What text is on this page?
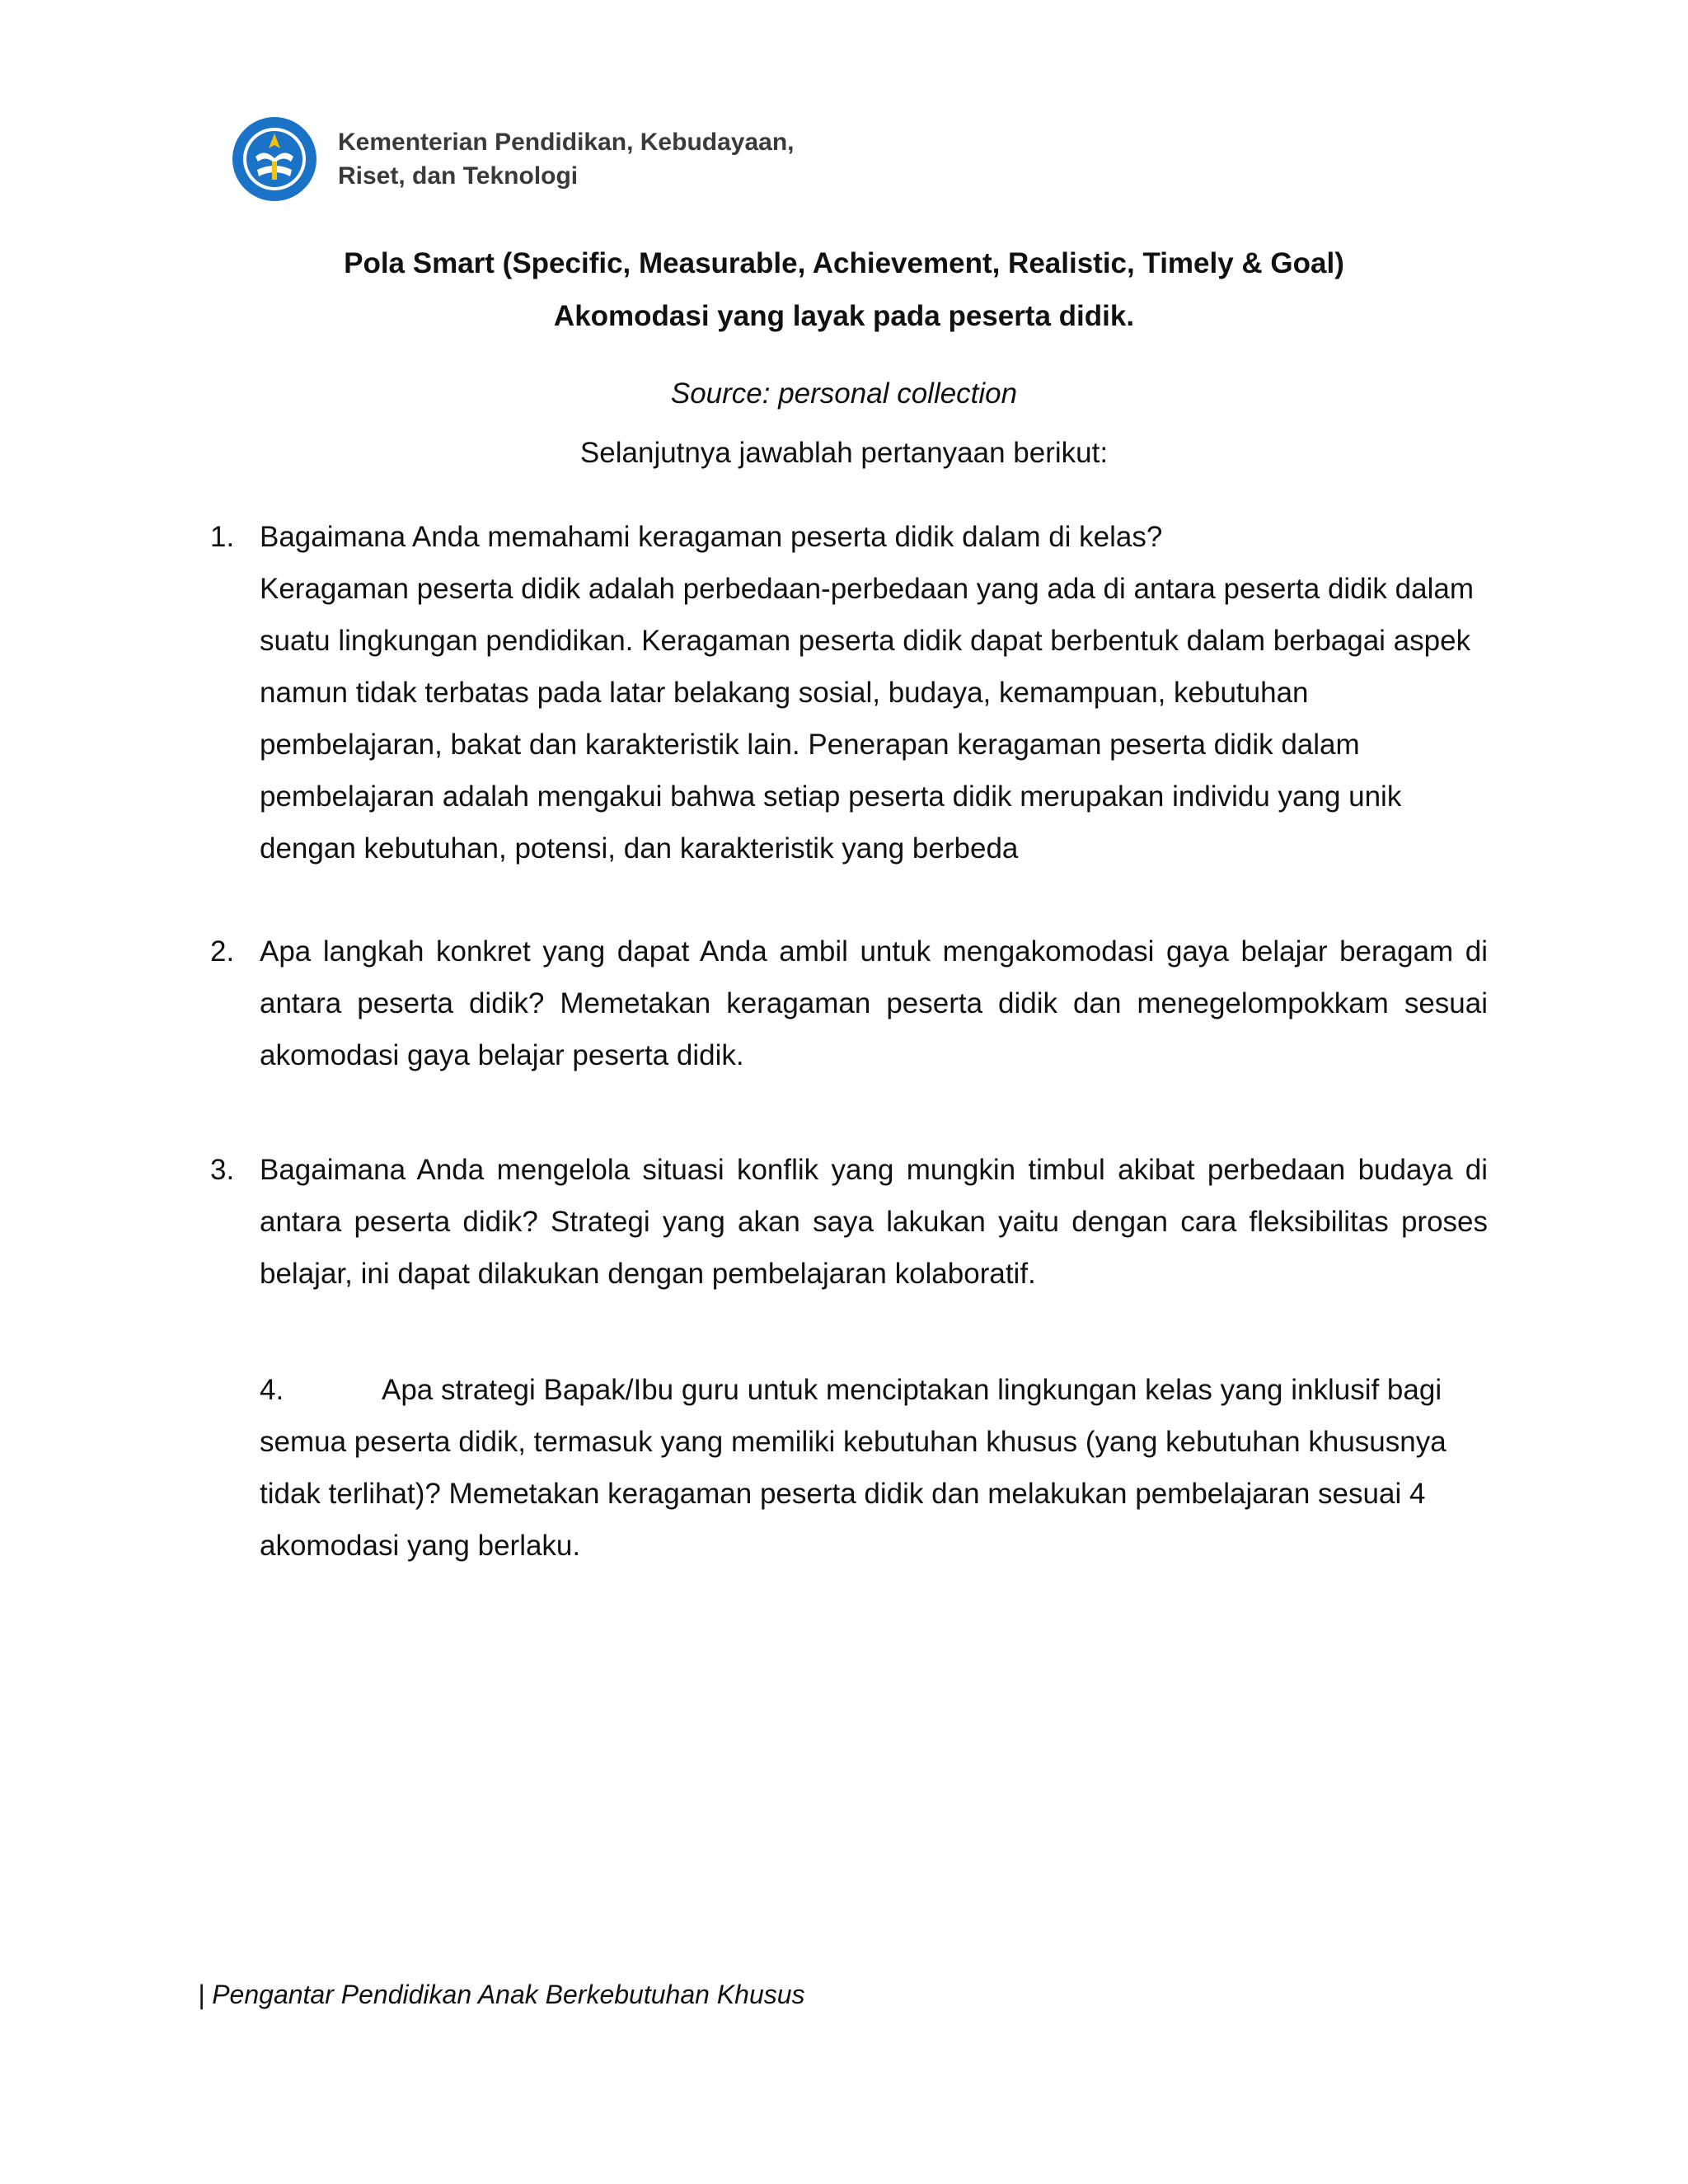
Kementerian Pendidikan, Kebudayaan,
Riset, dan Teknologi
Pola Smart (Specific, Measurable, Achievement, Realistic, Timely & Goal)
Akomodasi yang layak pada peserta didik.
Source: personal collection
Selanjutnya jawablah pertanyaan berikut:
1. Bagaimana Anda memahami keragaman peserta didik dalam di kelas?
Keragaman peserta didik adalah perbedaan-perbedaan yang ada di antara peserta didik dalam suatu lingkungan pendidikan. Keragaman peserta didik dapat berbentuk dalam berbagai aspek namun tidak terbatas pada latar belakang sosial, budaya, kemampuan, kebutuhan pembelajaran, bakat dan karakteristik lain. Penerapan keragaman peserta didik dalam pembelajaran adalah mengakui bahwa setiap peserta didik merupakan individu yang unik dengan kebutuhan, potensi, dan karakteristik yang berbeda
2. Apa langkah konkret yang dapat Anda ambil untuk mengakomodasi gaya belajar beragam di antara peserta didik? Memetakan keragaman peserta didik dan menegelompokkam sesuai akomodasi gaya belajar peserta didik.
3. Bagaimana Anda mengelola situasi konflik yang mungkin timbul akibat perbedaan budaya di antara peserta didik? Strategi yang akan saya lakukan yaitu dengan cara fleksibilitas proses belajar, ini dapat dilakukan dengan pembelajaran kolaboratif.
4.	Apa strategi Bapak/Ibu guru untuk menciptakan lingkungan kelas yang inklusif bagi semua peserta didik, termasuk yang memiliki kebutuhan khusus (yang kebutuhan khususnya tidak terlihat)? Memetakan keragaman peserta didik dan melakukan pembelajaran sesuai 4 akomodasi yang berlaku.
| Pengantar Pendidikan Anak Berkebutuhan Khusus
